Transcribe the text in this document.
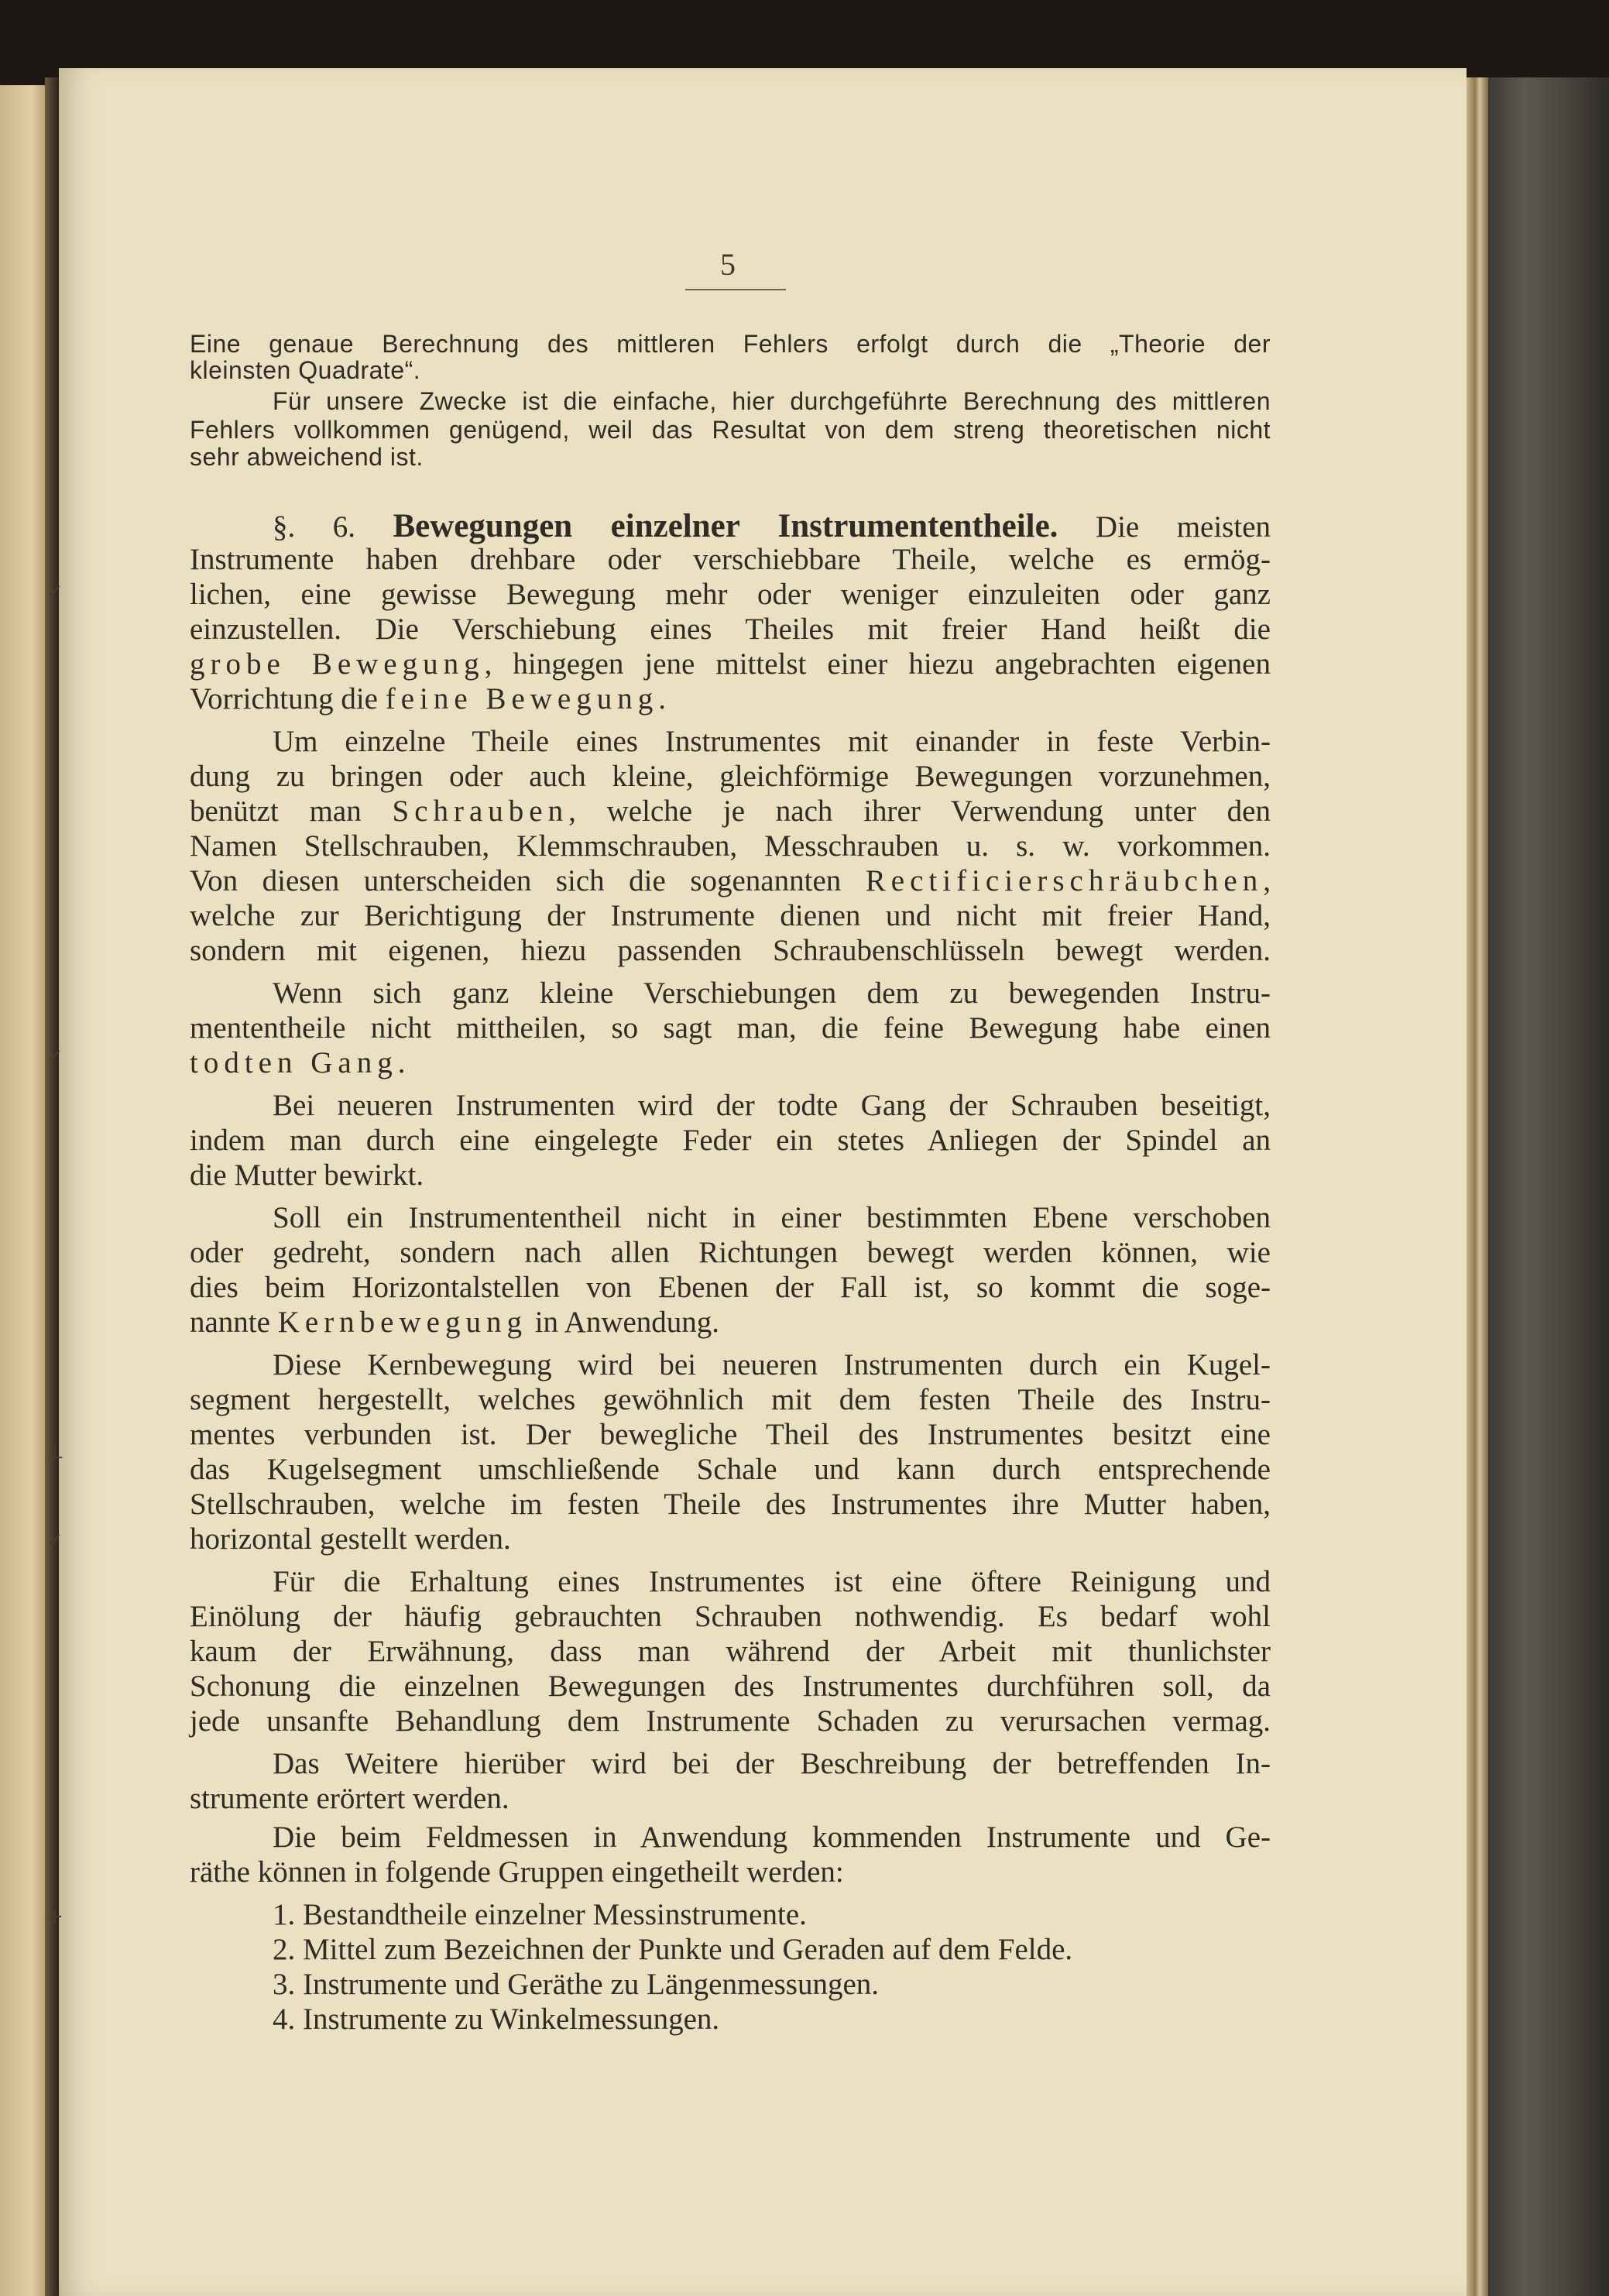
✓
✓
⊥
✓
+
5
Eine genaue Berechnung des mittleren Fehlers erfolgt durch die „Theorie der
kleinsten Quadrate“.
Für unsere Zwecke ist die einfache, hier durchgeführte Berechnung des mittleren
Fehlers vollkommen genügend, weil das Resultat von dem streng theoretischen nicht
sehr abweichend ist.
§. 6. Bewegungen einzelner Instrumententheile. Die meisten
Instrumente haben drehbare oder verschiebbare Theile, welche es ermög-
lichen, eine gewisse Bewegung mehr oder weniger einzuleiten oder ganz
einzustellen. Die Verschiebung eines Theiles mit freier Hand heißt die
grobe Bewegung, hingegen jene mittelst einer hiezu angebrachten eigenen
Vorrichtung die feine Bewegung.
Um einzelne Theile eines Instrumentes mit einander in feste Verbin-
dung zu bringen oder auch kleine, gleichförmige Bewegungen vorzunehmen,
benützt man Schrauben, welche je nach ihrer Verwendung unter den
Namen Stellschrauben, Klemmschrauben, Messchrauben u. s. w. vorkommen.
Von diesen unterscheiden sich die sogenannten Rectificierschräubchen,
welche zur Berichtigung der Instrumente dienen und nicht mit freier Hand,
sondern mit eigenen, hiezu passenden Schraubenschlüsseln bewegt werden.
Wenn sich ganz kleine Verschiebungen dem zu bewegenden Instru-
mententheile nicht mittheilen, so sagt man, die feine Bewegung habe einen
todten Gang.
Bei neueren Instrumenten wird der todte Gang der Schrauben beseitigt,
indem man durch eine eingelegte Feder ein stetes Anliegen der Spindel an
die Mutter bewirkt.
Soll ein Instrumententheil nicht in einer bestimmten Ebene verschoben
oder gedreht, sondern nach allen Richtungen bewegt werden können, wie
dies beim Horizontalstellen von Ebenen der Fall ist, so kommt die soge-
nannte Kernbewegung in Anwendung.
Diese Kernbewegung wird bei neueren Instrumenten durch ein Kugel-
segment hergestellt, welches gewöhnlich mit dem festen Theile des Instru-
mentes verbunden ist. Der bewegliche Theil des Instrumentes besitzt eine
das Kugelsegment umschließende Schale und kann durch entsprechende
Stellschrauben, welche im festen Theile des Instrumentes ihre Mutter haben,
horizontal gestellt werden.
Für die Erhaltung eines Instrumentes ist eine öftere Reinigung und
Einölung der häufig gebrauchten Schrauben nothwendig. Es bedarf wohl
kaum der Erwähnung, dass man während der Arbeit mit thunlichster
Schonung die einzelnen Bewegungen des Instrumentes durchführen soll, da
jede unsanfte Behandlung dem Instrumente Schaden zu verursachen vermag.
Das Weitere hierüber wird bei der Beschreibung der betreffenden In-
strumente erörtert werden.
Die beim Feldmessen in Anwendung kommenden Instrumente und Ge-
räthe können in folgende Gruppen eingetheilt werden:
1. Bestandtheile einzelner Messinstrumente.
2. Mittel zum Bezeichnen der Punkte und Geraden auf dem Felde.
3. Instrumente und Geräthe zu Längenmessungen.
4. Instrumente zu Winkelmessungen.
